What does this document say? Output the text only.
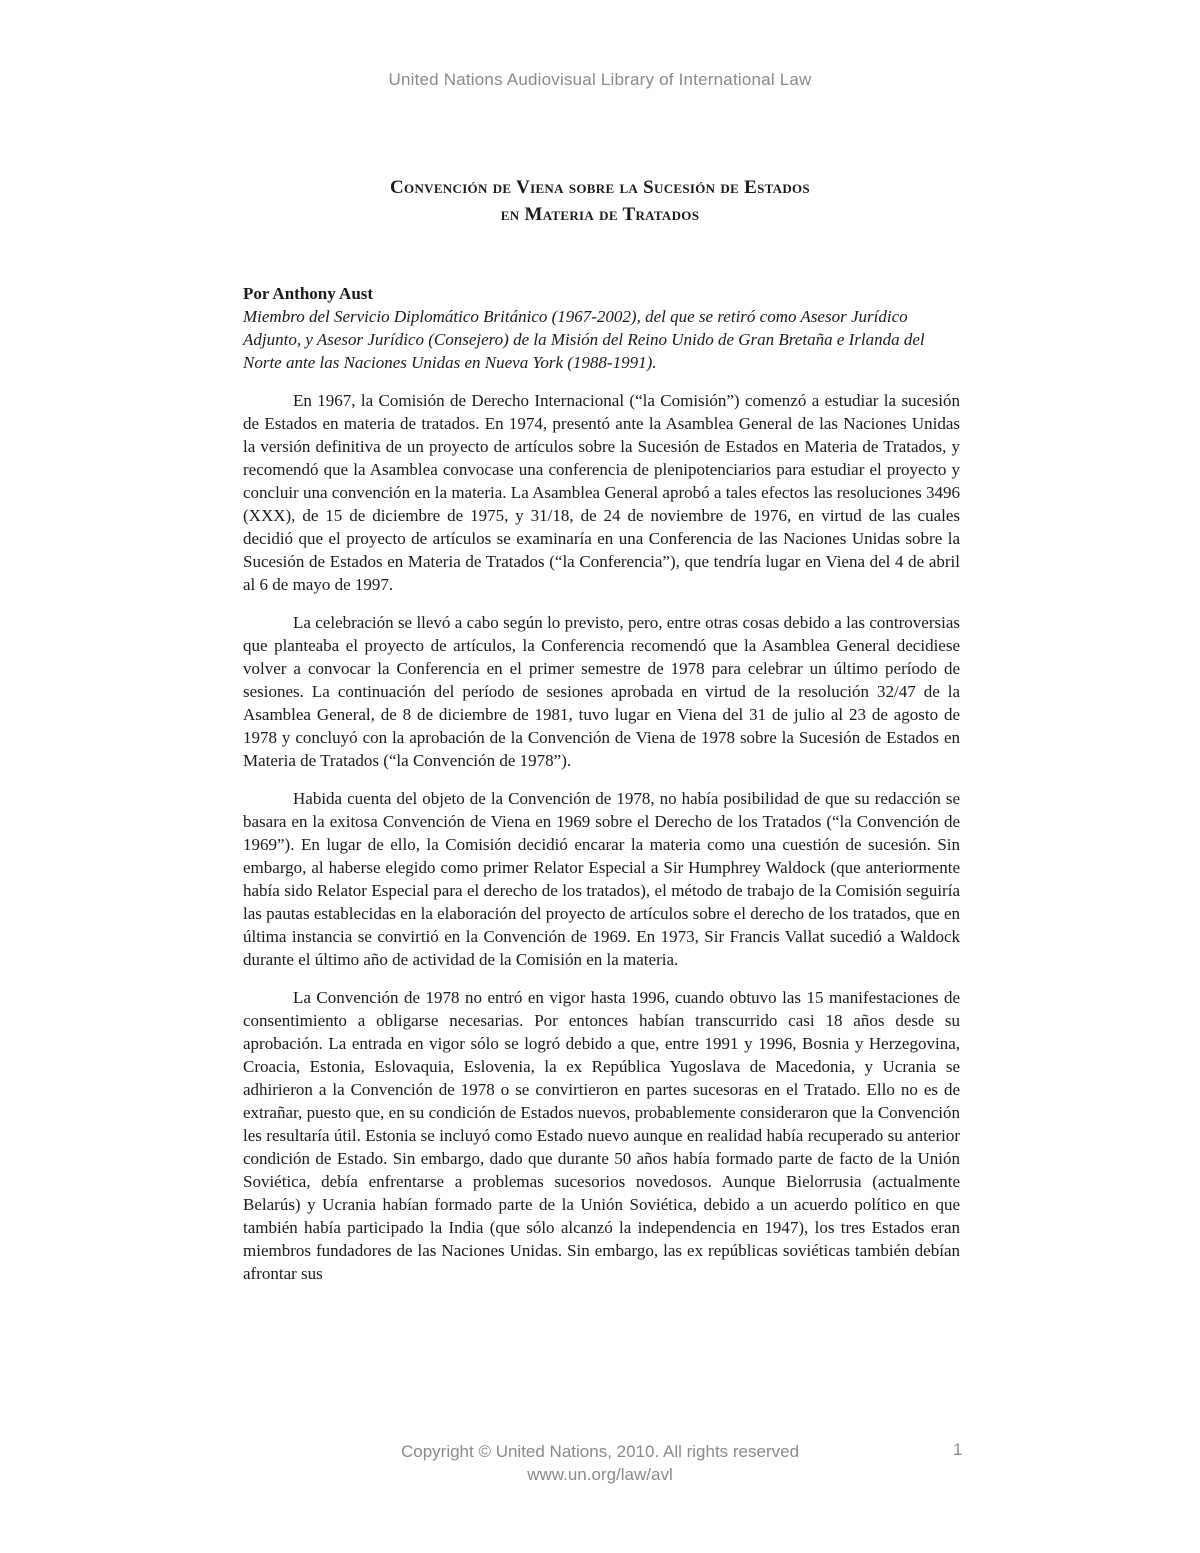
United Nations Audiovisual Library of International Law
Convención de Viena sobre la Sucesión de Estados
en Materia de Tratados

Por Anthony Aust

Miembro del Servicio Diplomático Británico (1967-2002), del que se retiró como Asesor Jurídico Adjunto, y Asesor Jurídico (Consejero) de la Misión del Reino Unido de Gran Bretaña e Irlanda del Norte ante las Naciones Unidas en Nueva York (1988-1991).

En 1967, la Comisión de Derecho Internacional (“la Comisión”) comenzó a estudiar la sucesión de Estados en materia de tratados. En 1974, presentó ante la Asamblea General de las Naciones Unidas la versión definitiva de un proyecto de artículos sobre la Sucesión de Estados en Materia de Tratados, y recomendó que la Asamblea convocase una conferencia de plenipotenciarios para estudiar el proyecto y concluir una convención en la materia. La Asamblea General aprobó a tales efectos las resoluciones 3496 (XXX), de 15 de diciembre de 1975, y 31/18, de 24 de noviembre de 1976, en virtud de las cuales decidió que el proyecto de artículos se examinaría en una Conferencia de las Naciones Unidas sobre la Sucesión de Estados en Materia de Tratados (“la Conferencia”), que tendría lugar en Viena del 4 de abril al 6 de mayo de 1997.

La celebración se llevó a cabo según lo previsto, pero, entre otras cosas debido a las controversias que planteaba el proyecto de artículos, la Conferencia recomendó que la Asamblea General decidiese volver a convocar la Conferencia en el primer semestre de 1978 para celebrar un último período de sesiones. La continuación del período de sesiones aprobada en virtud de la resolución 32/47 de la Asamblea General, de 8 de diciembre de 1981, tuvo lugar en Viena del 31 de julio al 23 de agosto de 1978 y concluyó con la aprobación de la Convención de Viena de 1978 sobre la Sucesión de Estados en Materia de Tratados (“la Convención de 1978”).

Habida cuenta del objeto de la Convención de 1978, no había posibilidad de que su redacción se basara en la exitosa Convención de Viena en 1969 sobre el Derecho de los Tratados (“la Convención de 1969”). En lugar de ello, la Comisión decidió encarar la materia como una cuestión de sucesión. Sin embargo, al haberse elegido como primer Relator Especial a Sir Humphrey Waldock (que anteriormente había sido Relator Especial para el derecho de los tratados), el método de trabajo de la Comisión seguiría las pautas establecidas en la elaboración del proyecto de artículos sobre el derecho de los tratados, que en última instancia se convirtió en la Convención de 1969. En 1973, Sir Francis Vallat sucedió a Waldock durante el último año de actividad de la Comisión en la materia.

La Convención de 1978 no entró en vigor hasta 1996, cuando obtuvo las 15 manifestaciones de consentimiento a obligarse necesarias. Por entonces habían transcurrido casi 18 años desde su aprobación. La entrada en vigor sólo se logró debido a que, entre 1991 y 1996, Bosnia y Herzegovina, Croacia, Estonia, Eslovaquia, Eslovenia, la ex República Yugoslava de Macedonia, y Ucrania se adhirieron a la Convención de 1978 o se convirtieron en partes sucesoras en el Tratado. Ello no es de extrañar, puesto que, en su condición de Estados nuevos, probablemente consideraron que la Convención les resultaría útil. Estonia se incluyó como Estado nuevo aunque en realidad había recuperado su anterior condición de Estado. Sin embargo, dado que durante 50 años había formado parte de facto de la Unión Soviética, debía enfrentarse a problemas sucesorios novedosos. Aunque Bielorrusia (actualmente Belarús) y Ucrania habían formado parte de la Unión Soviética, debido a un acuerdo político en que también había participado la India (que sólo alcanzó la independencia en 1947), los tres Estados eran miembros fundadores de las Naciones Unidas. Sin embargo, las ex repúblicas soviéticas también debían afrontar sus

Copyright © United Nations, 2010. All rights reserved
www.un.org/law/avl
1
